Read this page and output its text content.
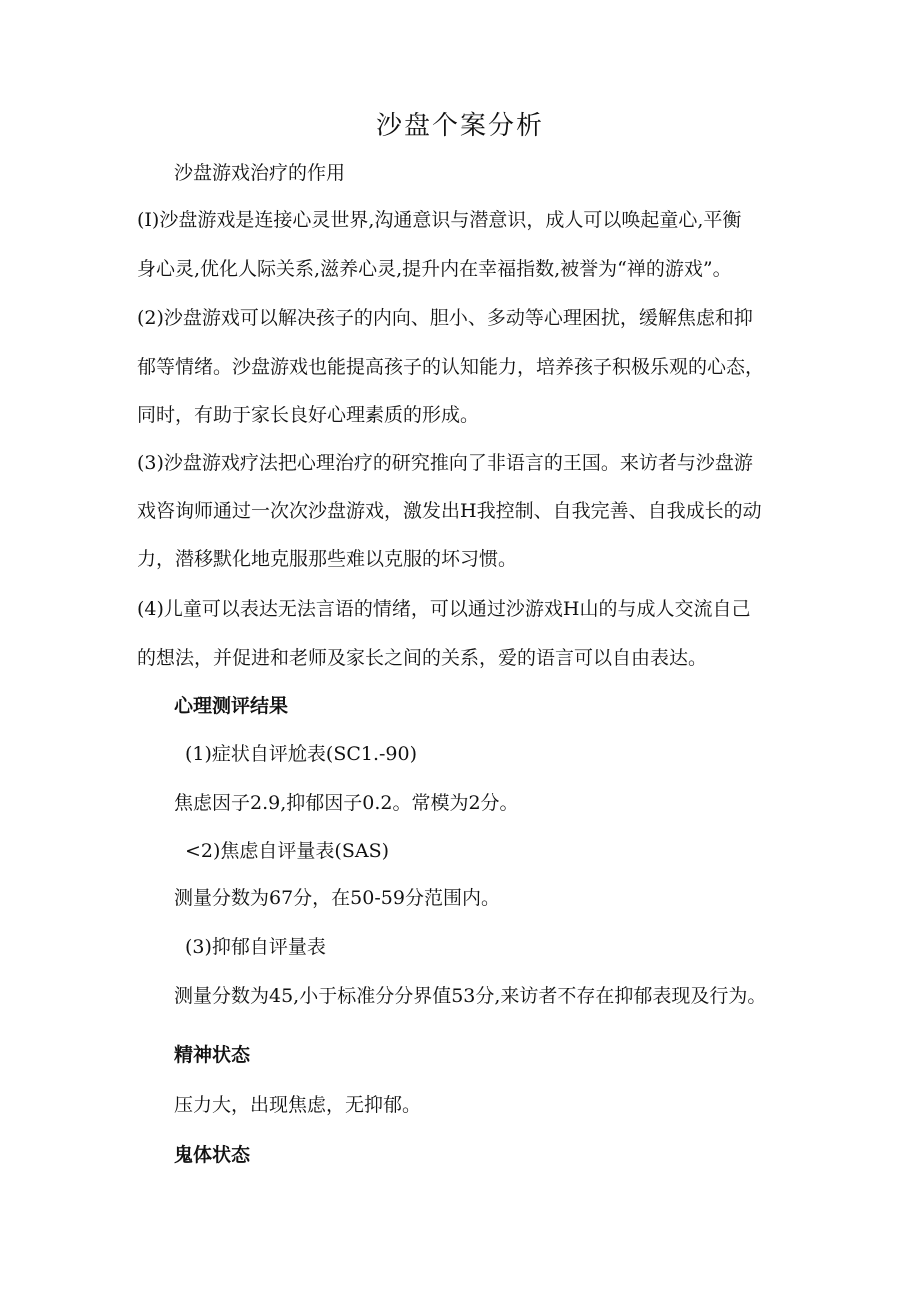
沙盘个案分析
沙盘游戏治疗的作用
(I)沙盘游戏是连接心灵世界,沟通意识与潜意识，成人可以唤起童心,平衡
身心灵,优化人际关系,滋养心灵,提升内在幸福指数,被誉为“禅的游戏”。
(2)沙盘游戏可以解决孩子的内向、胆小、多动等心理困扰，缓解焦虑和抑
郁等情绪。沙盘游戏也能提高孩子的认知能力，培养孩子积极乐观的心态，
同时，有助于家长良好心理素质的形成。
(3)沙盘游戏疗法把心理治疗的研究推向了非语言的王国。来访者与沙盘游
戏咨询师通过一次次沙盘游戏，激发出H我控制、自我完善、自我成长的动
力，潜移默化地克服那些难以克服的坏习惯。
(4)儿童可以表达无法言语的情绪，可以通过沙游戏H山的与成人交流自己
的想法，并促进和老师及家长之间的关系，爱的语言可以自由表达。
心理测评结果
(1)症状自评尬表(SC1.-90)
焦虑因子2.9,抑郁因子0.2。常模为2分。
<2)焦虑自评量表(SAS)
测量分数为67分，在50-59分范围内。
(3)抑郁自评量表
测量分数为45,小于标准分分界值53分,来访者不存在抑郁表现及行为。
精神状态
压力大，出现焦虑，无抑郁。
鬼体状态
